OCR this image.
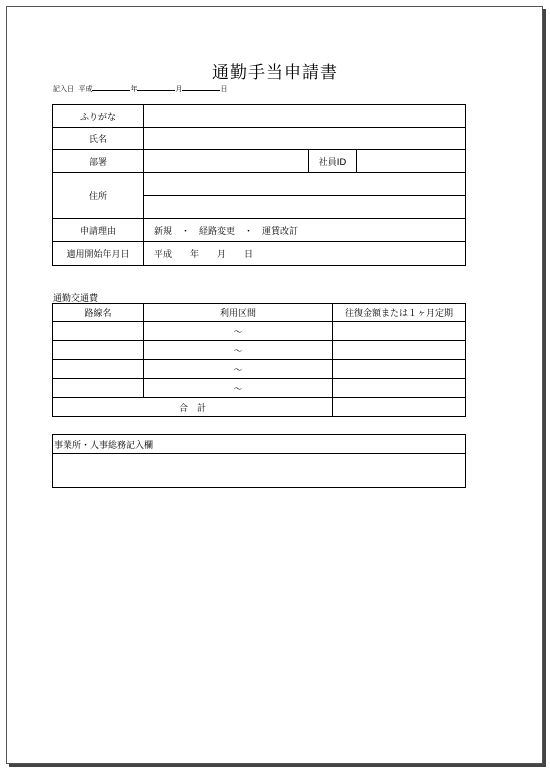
通勤手当申請書
記入日 平成	年	月	日
ふりがな			
氏名			
部署		社員ID	
住所			

申請理由	新規　・　経路変更　・　運賃改訂		
適用開始年月日	平成　　年　　月　　日		
通勤交通費
路線名	利用区間	往復金額または１ヶ月定期
	～	
	～	
	～	
	～	
合　計		
事業所・人事総務記入欄
